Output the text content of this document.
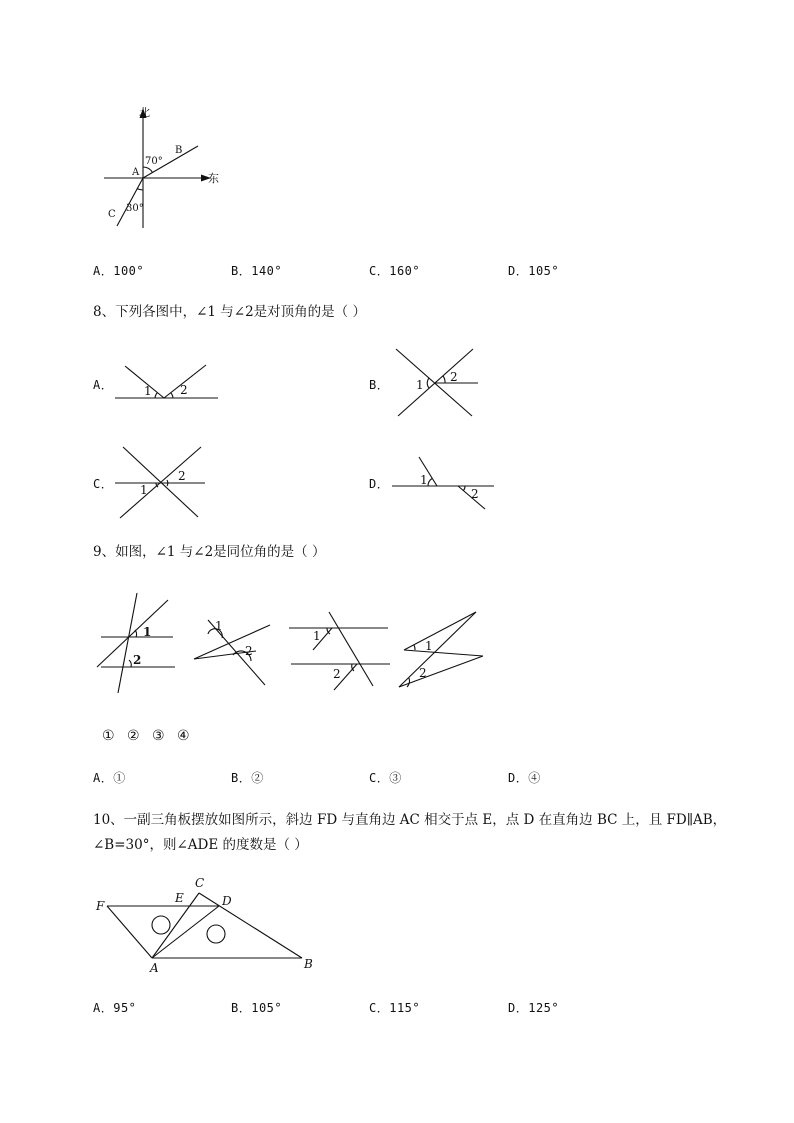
北
东
A
B
C
70°
30°
A．100°	B．140°	C．160°	D．105°
8、下列各图中，∠1 与∠2是对顶角的是（ ）
A．	B．
C．	D．
1 2	1
2
1
2	1
2
9、如图，∠1 与∠2是同位角的是（ ）
1
2
1
2
1
2
1
2
① ② ③ ④
A．①	B．②	C．③	D．④
10、一副三角板摆放如图所示，斜边 FD 与直角边 AC 相交于点 E，点 D 在直角边 BC 上，且 FD∥AB，
∠B=30°，则∠ADE 的度数是（ ）
F
E
C
D
A	B
A．95°	B．105°	C．115°	D．125°
